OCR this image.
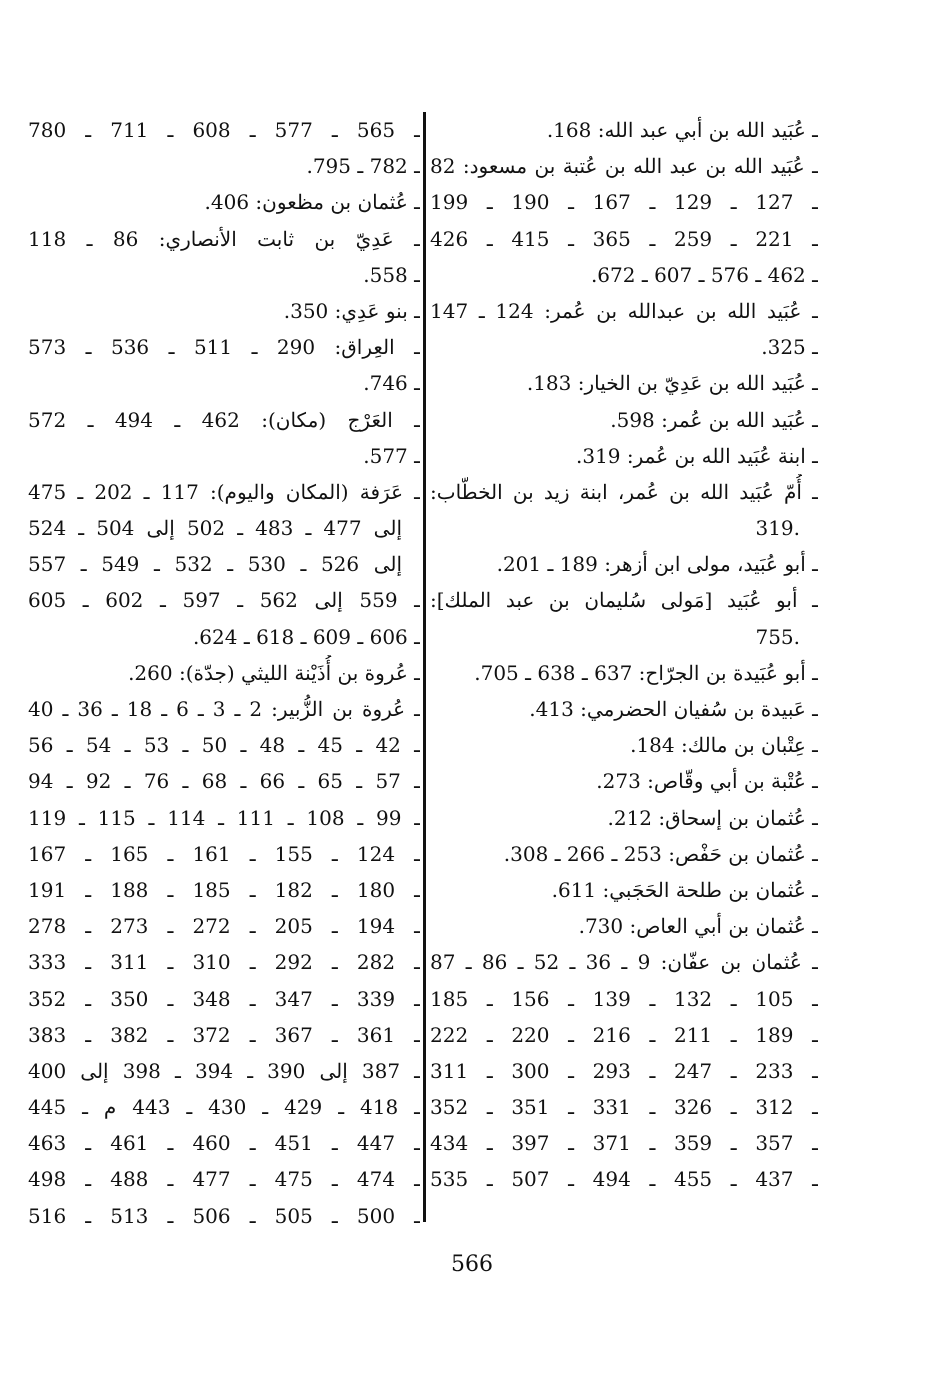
ـ عُبَيد الله بن أبي عبد الله: 168.
ـ عُبَيد الله بن عبد الله بن عُتبة بن مسعود: 82
ـ 127 ـ 129 ـ 167 ـ 190 ـ 199
ـ 221 ـ 259 ـ 365 ـ 415 ـ 426
ـ 462 ـ 576 ـ 607 ـ 672.
ـ عُبَيد الله بن عبدالله بن عُمر: 124 ـ 147
ـ 325.
ـ عُبَيد الله بن عَدِيّ بن الخيار: 183.
ـ عُبَيد الله بن عُمر: 598.
ـ ابنة عُبَيد الله بن عُمر: 319.
ـ أُمّ عُبَيد الله بن عُمر، ابنة زيد بن الخطّاب:
319.
ـ أبو عُبَيد، مولى ابن أزهر: 189 ـ 201.
ـ أبو عُبَيد [مَولى سُليمان بن عبد الملك]:
755.
ـ أبو عُبَيدة بن الجرّاح: 637 ـ 638 ـ 705.
ـ عَبيدة بن سُفيان الحضرمي: 413.
ـ عِتْبان بن مالك: 184.
ـ عُتْبة بن أبي وقّاص: 273.
ـ عُثمان بن إسحاق: 212.
ـ عُثمان بن حَفْص: 253 ـ 266 ـ 308.
ـ عُثمان بن طلحة الحَجَبي: 611.
ـ عُثمان بن أبي العاص: 730.
ـ عُثمان بن عفّان: 9 ـ 36 ـ 52 ـ 86 ـ 87
ـ 105 ـ 132 ـ 139 ـ 156 ـ 185
ـ 189 ـ 211 ـ 216 ـ 220 ـ 222
ـ 233 ـ 247 ـ 293 ـ 300 ـ 311
ـ 312 ـ 326 ـ 331 ـ 351 ـ 352
ـ 357 ـ 359 ـ 371 ـ 397 ـ 434
ـ 437 ـ 455 ـ 494 ـ 507 ـ 535
ـ 565 ـ 577 ـ 608 ـ 711 ـ 780
ـ 782 ـ 795.
ـ عُثمان بن مظعون: 406.
ـ عَدِيّ بن ثابت الأنصاري: 86 ـ 118
ـ 558.
ـ بنو عَدِي: 350.
ـ العِراق: 290 ـ 511 ـ 536 ـ 573
ـ 746.
ـ العَرْج (مكان): 462 ـ 494 ـ 572
ـ 577.
ـ عَرَفة (المكان واليوم): 117 ـ 202 ـ 475
إلى 477 ـ 483 ـ 502 إلى 504 ـ 524
إلى 526 ـ 530 ـ 532 ـ 549 ـ 557
ـ 559 إلى 562 ـ 597 ـ 602 ـ 605
ـ 606 ـ 609 ـ 618 ـ 624.
ـ عُروة بن أُذَيْنة الليثي (جدّة): 260.
ـ عُروة بن الزُّبير: 2 ـ 3 ـ 6 ـ 18 ـ 36 ـ 40
ـ 42 ـ 45 ـ 48 ـ 50 ـ 53 ـ 54 ـ 56
ـ 57 ـ 65 ـ 66 ـ 68 ـ 76 ـ 92 ـ 94
ـ 99 ـ 108 ـ 111 ـ 114 ـ 115 ـ 119
ـ 124 ـ 155 ـ 161 ـ 165 ـ 167
ـ 180 ـ 182 ـ 185 ـ 188 ـ 191
ـ 194 ـ 205 ـ 272 ـ 273 ـ 278
ـ 282 ـ 292 ـ 310 ـ 311 ـ 333
ـ 339 ـ 347 ـ 348 ـ 350 ـ 352
ـ 361 ـ 367 ـ 372 ـ 382 ـ 383
ـ 387 إلى 390 ـ 394 ـ 398 إلى 400
ـ 418 ـ 429 ـ 430 ـ 443 م ـ 445
ـ 447 ـ 451 ـ 460 ـ 461 ـ 463
ـ 474 ـ 475 ـ 477 ـ 488 ـ 498
ـ 500 ـ 505 ـ 506 ـ 513 ـ 516
566
